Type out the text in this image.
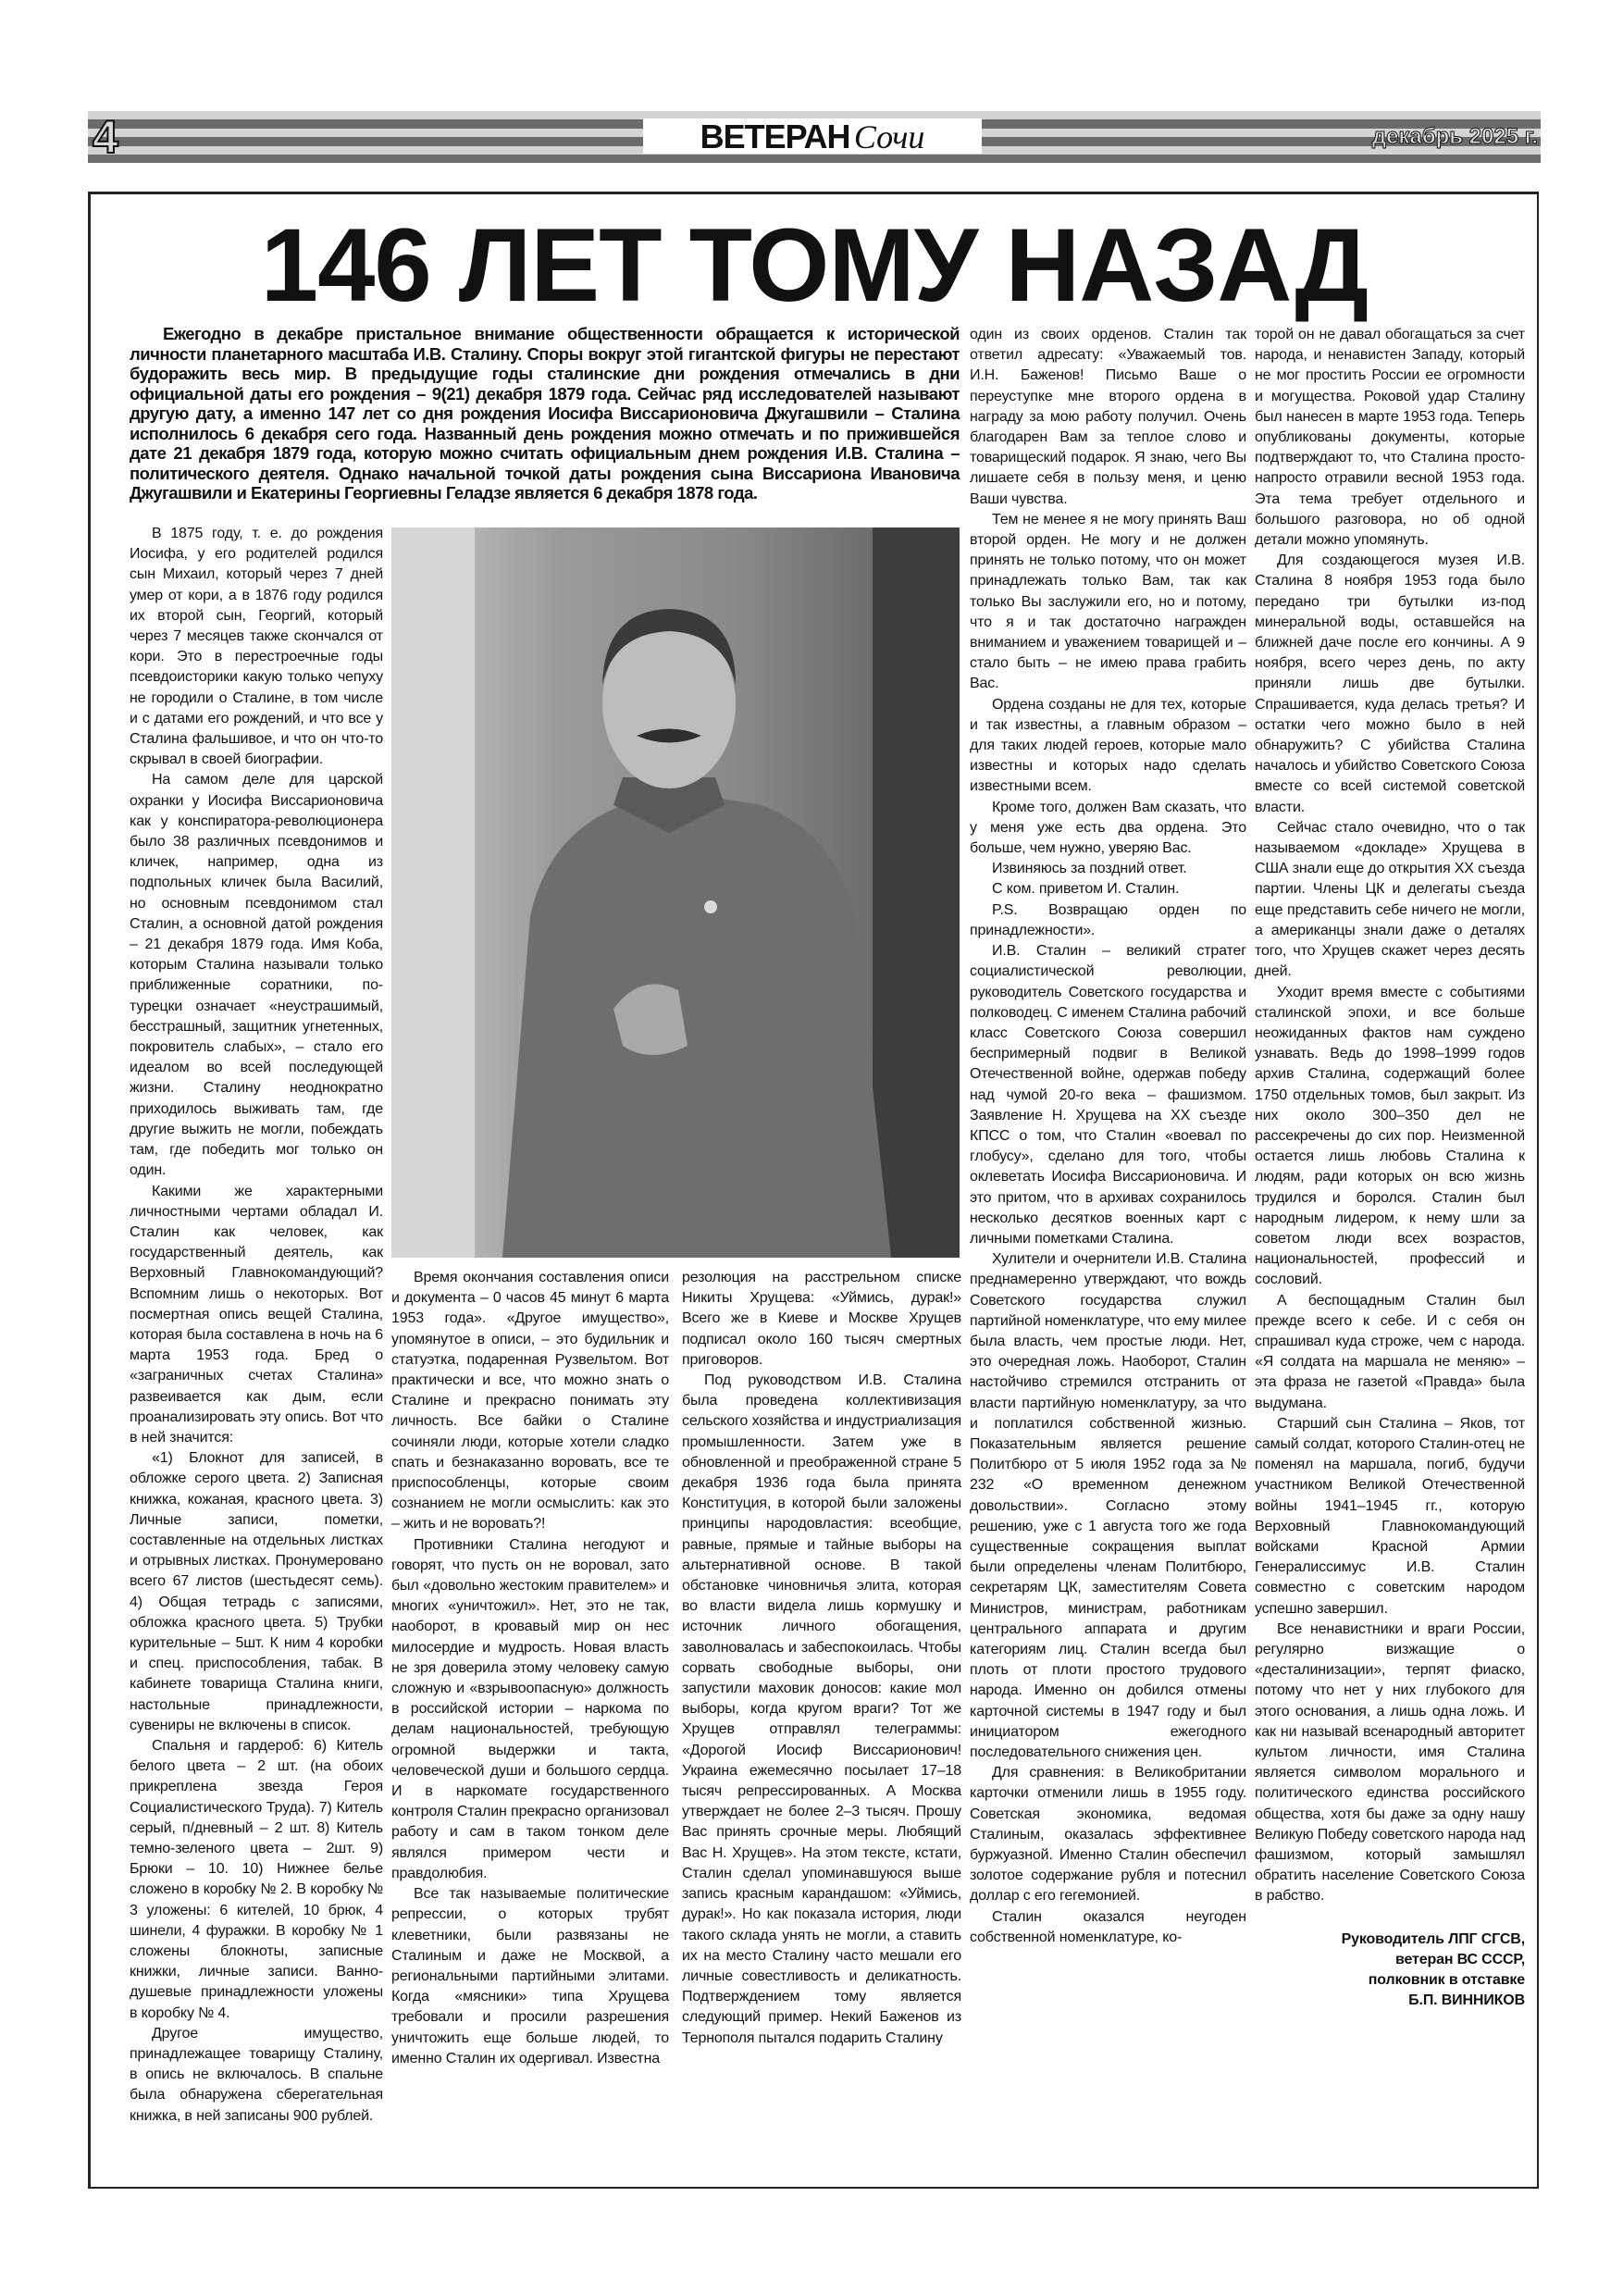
4	ВЕТЕРАН Сочи	декабрь 2025 г.
146 ЛЕТ ТОМУ НАЗАД

Ежегодно в декабре пристальное внимание общественности обращается к исторической личности планетарного масштаба И.В. Сталину. Споры вокруг этой гигантской фигуры не перестают будоражить весь мир. В предыдущие годы сталинские дни рождения отмечались в дни официальной даты его рождения – 9(21) декабря 1879 года. Сейчас ряд исследователей называют другую дату, а именно 147 лет со дня рождения Иосифа Виссарионовича Джугашвили – Сталина исполнилось 6 декабря сего года. Названный день рождения можно отмечать и по прижившейся дате 21 декабря 1879 года, которую можно считать официальным днем рождения И.В. Сталина – политического деятеля. Однако начальной точкой даты рождения сына Виссариона Ивановича Джугашвили и Екатерины Георгиевны Геладзе является 6 декабря 1878 года.

В 1875 году, т. е. до рождения Иосифа, у его родителей родился сын Михаил, который через 7 дней умер от кори, а в 1876 году родился их второй сын, Георгий, который через 7 месяцев также скончался от кори. Это в перестроечные годы псевдоисторики какую только чепуху не городили о Сталине, в том числе и с датами его рождений, и что все у Сталина фальшивое, и что он что-то скрывал в своей биографии.

На самом деле для царской охранки у Иосифа Виссарионовича как у конспиратора-революционера было 38 различных псевдонимов и кличек, например, одна из подпольных кличек была Василий, но основным псевдонимом стал Сталин, а основной датой рождения – 21 декабря 1879 года. Имя Коба, которым Сталина называли только приближенные соратники, по-турецки означает «неустрашимый, бесстрашный, защитник угнетенных, покровитель слабых», – стало его идеалом во всей последующей жизни. Сталину неоднократно приходилось выживать там, где другие выжить не могли, побеждать там, где победить мог только он один.

Какими же характерными личностными чертами обладал И. Сталин как человек, как государственный деятель, как Верховный Главнокомандующий? Вспомним лишь о некоторых. Вот посмертная опись вещей Сталина, которая была составлена в ночь на 6 марта 1953 года. Бред о «заграничных счетах Сталина» развеивается как дым, если проанализировать эту опись. Вот что в ней значится:

«1) Блокнот для записей, в обложке серого цвета. 2) Записная книжка, кожаная, красного цвета. 3) Личные записи, пометки, составленные на отдельных листках и отрывных листках. Пронумеровано всего 67 листов (шестьдесят семь). 4) Общая тетрадь с записями, обложка красного цвета. 5) Трубки курительные – 5шт. К ним 4 коробки и спец. приспособления, табак. В кабинете товарища Сталина книги, настольные принадлежности, сувениры не включены в список.

Спальня и гардероб: 6) Китель белого цвета – 2 шт. (на обоих прикреплена звезда Героя Социалистического Труда). 7) Китель серый, п/дневный – 2 шт. 8) Китель темно-зеленого цвета – 2шт. 9) Брюки – 10. 10) Нижнее белье сложено в коробку № 2. В коробку № 3 уложены: 6 кителей, 10 брюк, 4 шинели, 4 фуражки. В коробку № 1 сложены блокноты, записные книжки, личные записи. Ванно-душевые принадлежности уложены в коробку № 4.

Другое имущество, принадлежащее товарищу Сталину, в опись не включалось. В спальне была обнаружена сберегательная книжка, в ней записаны 900 рублей.

Время окончания составления описи и документа – 0 часов 45 минут 6 марта 1953 года». «Другое имущество», упомянутое в описи, – это будильник и статуэтка, подаренная Рузвельтом. Вот практически и все, что можно знать о Сталине и прекрасно понимать эту личность. Все байки о Сталине сочиняли люди, которые хотели сладко спать и безнаказанно воровать, все те приспособленцы, которые своим сознанием не могли осмыслить: как это – жить и не воровать?!

Противники Сталина негодуют и говорят, что пусть он не воровал, зато был «довольно жестоким правителем» и многих «уничтожил». Нет, это не так, наоборот, в кровавый мир он нес милосердие и мудрость. Новая власть не зря доверила этому человеку самую сложную и «взрывоопасную» должность в российской истории – наркома по делам национальностей, требующую огромной выдержки и такта, человеческой души и большого сердца. И в наркомате государственного контроля Сталин прекрасно организовал работу и сам в таком тонком деле являлся примером чести и правдолюбия.

Все так называемые политические репрессии, о которых трубят клеветники, были развязаны не Сталиным и даже не Москвой, а региональными партийными элитами. Когда «мясники» типа Хрущева требовали и просили разрешения уничтожить еще больше людей, то именно Сталин их одергивал. Известна

резолюция на расстрельном списке Никиты Хрущева: «Уймись, дурак!» Всего же в Киеве и Москве Хрущев подписал около 160 тысяч смертных приговоров.

Под руководством И.В. Сталина была проведена коллективизация сельского хозяйства и индустриализация промышленности. Затем уже в обновленной и преображенной стране 5 декабря 1936 года была принята Конституция, в которой были заложены принципы народовластия: всеобщие, равные, прямые и тайные выборы на альтернативной основе. В такой обстановке чиновничья элита, которая во власти видела лишь кормушку и источник личного обогащения, заволновалась и забеспокоилась. Чтобы сорвать свободные выборы, они запустили маховик доносов: какие мол выборы, когда кругом враги? Тот же Хрущев отправлял телеграммы: «Дорогой Иосиф Виссарионович! Украина ежемесячно посылает 17–18 тысяч репрессированных. А Москва утверждает не более 2–3 тысяч. Прошу Вас принять срочные меры. Любящий Вас Н. Хрущев». На этом тексте, кстати, Сталин сделал упоминавшуюся выше запись красным карандашом: «Уймись, дурак!». Но как показала история, люди такого склада унять не могли, а ставить их на место Сталину часто мешали его личные совестливость и деликатность. Подтверждением тому является следующий пример. Некий Баженов из Тернополя пытался подарить Сталину

один из своих орденов. Сталин так ответил адресату: «Уважаемый тов. И.Н. Баженов! Письмо Ваше о переуступке мне второго ордена в награду за мою работу получил. Очень благодарен Вам за теплое слово и товарищеский подарок. Я знаю, чего Вы лишаете себя в пользу меня, и ценю Ваши чувства.

Тем не менее я не могу принять Ваш второй орден. Не могу и не должен принять не только потому, что он может принадлежать только Вам, так как только Вы заслужили его, но и потому, что я и так достаточно награжден вниманием и уважением товарищей и – стало быть – не имею права грабить Вас.

Ордена созданы не для тех, которые и так известны, а главным образом – для таких людей героев, которые мало известны и которых надо сделать известными всем.

Кроме того, должен Вам сказать, что у меня уже есть два ордена. Это больше, чем нужно, уверяю Вас.

Извиняюсь за поздний ответ.

С ком. приветом И. Сталин.

P.S. Возвращаю орден по принадлежности».

И.В. Сталин – великий стратег социалистической революции, руководитель Советского государства и полководец. С именем Сталина рабочий класс Советского Союза совершил беспримерный подвиг в Великой Отечественной войне, одержав победу над чумой 20-го века – фашизмом. Заявление Н. Хрущева на XX съезде КПСС о том, что Сталин «воевал по глобусу», сделано для того, чтобы оклеветать Иосифа Виссарионовича. И это притом, что в архивах сохранилось несколько десятков военных карт с личными пометками Сталина.

Хулители и очернители И.В. Сталина преднамеренно утверждают, что вождь Советского государства служил партийной номенклатуре, что ему милее была власть, чем простые люди. Нет, это очередная ложь. Наоборот, Сталин настойчиво стремился отстранить от власти партийную номенклатуру, за что и поплатился собственной жизнью. Показательным является решение Политбюро от 5 июля 1952 года за № 232 «О временном денежном довольствии». Согласно этому решению, уже с 1 августа того же года существенные сокращения выплат были определены членам Политбюро, секретарям ЦК, заместителям Совета Министров, министрам, работникам центрального аппарата и другим категориям лиц. Сталин всегда был плоть от плоти простого трудового народа. Именно он добился отмены карточной системы в 1947 году и был инициатором ежегодного последовательного снижения цен.

Для сравнения: в Великобритании карточки отменили лишь в 1955 году. Советская экономика, ведомая Сталиным, оказалась эффективнее буржуазной. Именно Сталин обеспечил золотое содержание рубля и потеснил доллар с его гегемонией.

Сталин оказался неугоден собственной номенклатуре, ко-

торой он не давал обогащаться за счет народа, и ненавистен Западу, который не мог простить России ее огромности и могущества. Роковой удар Сталину был нанесен в марте 1953 года. Теперь опубликованы документы, которые подтверждают то, что Сталина просто-напросто отравили весной 1953 года. Эта тема требует отдельного и большого разговора, но об одной детали можно упомянуть.

Для создающегося музея И.В. Сталина 8 ноября 1953 года было передано три бутылки из-под минеральной воды, оставшейся на ближней даче после его кончины. А 9 ноября, всего через день, по акту приняли лишь две бутылки. Спрашивается, куда делась третья? И остатки чего можно было в ней обнаружить? С убийства Сталина началось и убийство Советского Союза вместе со всей системой советской власти.

Сейчас стало очевидно, что о так называемом «докладе» Хрущева в США знали еще до открытия XX съезда партии. Члены ЦК и делегаты съезда еще представить себе ничего не могли, а американцы знали даже о деталях того, что Хрущев скажет через десять дней.

Уходит время вместе с событиями сталинской эпохи, и все больше неожиданных фактов нам суждено узнавать. Ведь до 1998–1999 годов архив Сталина, содержащий более 1750 отдельных томов, был закрыт. Из них около 300–350 дел не рассекречены до сих пор. Неизменной остается лишь любовь Сталина к людям, ради которых он всю жизнь трудился и боролся. Сталин был народным лидером, к нему шли за советом люди всех возрастов, национальностей, профессий и сословий.

А беспощадным Сталин был прежде всего к себе. И с себя он спрашивал куда строже, чем с народа. «Я солдата на маршала не меняю» – эта фраза не газетой «Правда» была выдумана.

Старший сын Сталина – Яков, тот самый солдат, которого Сталин-отец не поменял на маршала, погиб, будучи участником Великой Отечественной войны 1941–1945 гг., которую Верховный Главнокомандующий войсками Красной Армии Генералиссимус И.В. Сталин совместно с советским народом успешно завершил.

Все ненавистники и враги России, регулярно визжащие о «десталинизации», терпят фиаско, потому что нет у них глубокого для этого основания, а лишь одна ложь. И как ни называй всенародный авторитет культом личности, имя Сталина является символом морального и политического единства российского общества, хотя бы даже за одну нашу Великую Победу советского народа над фашизмом, который замышлял обратить население Советского Союза в рабство.

Руководитель ЛПГ СГСВ,
ветеран ВС СССР,
полковник в отставке
Б.П. ВИННИКОВ
